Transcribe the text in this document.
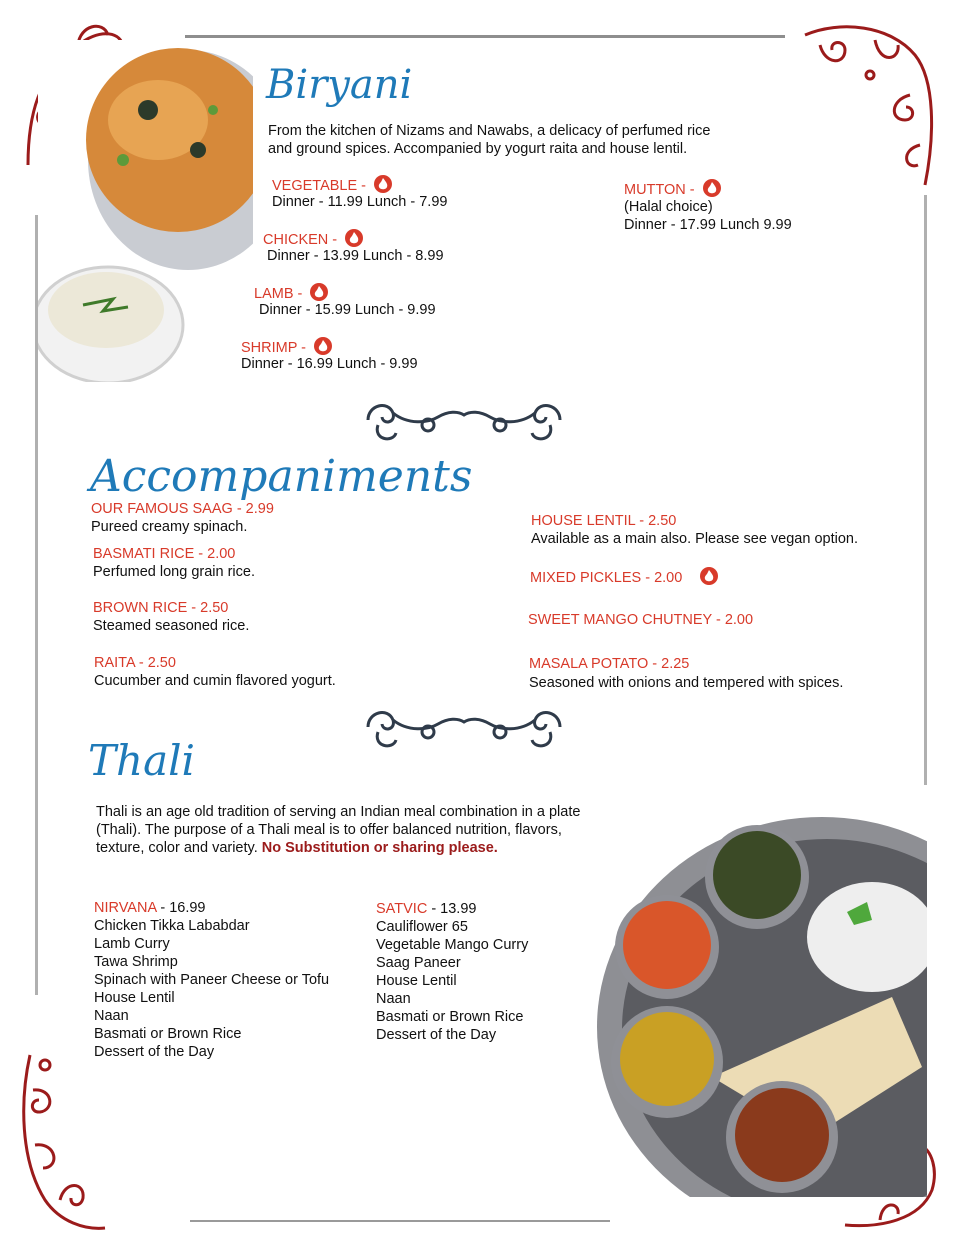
Biryani
From the kitchen of Nizams and Nawabs, a delicacy of perfumed rice
and ground spices. Accompanied by yogurt raita and house lentil.
VEGETABLE -
Dinner - 11.99 Lunch - 7.99
CHICKEN -
Dinner - 13.99 Lunch - 8.99
LAMB -
Dinner - 15.99 Lunch - 9.99
SHRIMP -
Dinner - 16.99 Lunch - 9.99
MUTTON -
(Halal choice)
Dinner - 17.99 Lunch 9.99
Accompaniments
OUR FAMOUS SAAG - 2.99
Pureed creamy spinach.
BASMATI RICE - 2.00
Perfumed long grain rice.
BROWN RICE - 2.50
Steamed seasoned rice.
RAITA - 2.50
Cucumber and cumin flavored yogurt.
HOUSE LENTIL - 2.50
Available as a main also. Please see vegan option.
MIXED PICKLES - 2.00
SWEET MANGO CHUTNEY - 2.00
MASALA POTATO - 2.25
Seasoned with onions and tempered with spices.
Thali
Thali is an age old tradition of serving an Indian meal combination in a plate
(Thali). The purpose of a Thali meal is to offer balanced nutrition, flavors,
texture, color and variety. No Substitution or sharing please.
NIRVANA - 16.99
Chicken Tikka Lababdar
Lamb Curry
Tawa Shrimp
Spinach with Paneer Cheese or Tofu
House Lentil
Naan
Basmati or Brown Rice
Dessert of the Day
SATVIC - 13.99
Cauliflower 65
Vegetable Mango Curry
Saag Paneer
House Lentil
Naan
Basmati or Brown Rice
Dessert of the Day
